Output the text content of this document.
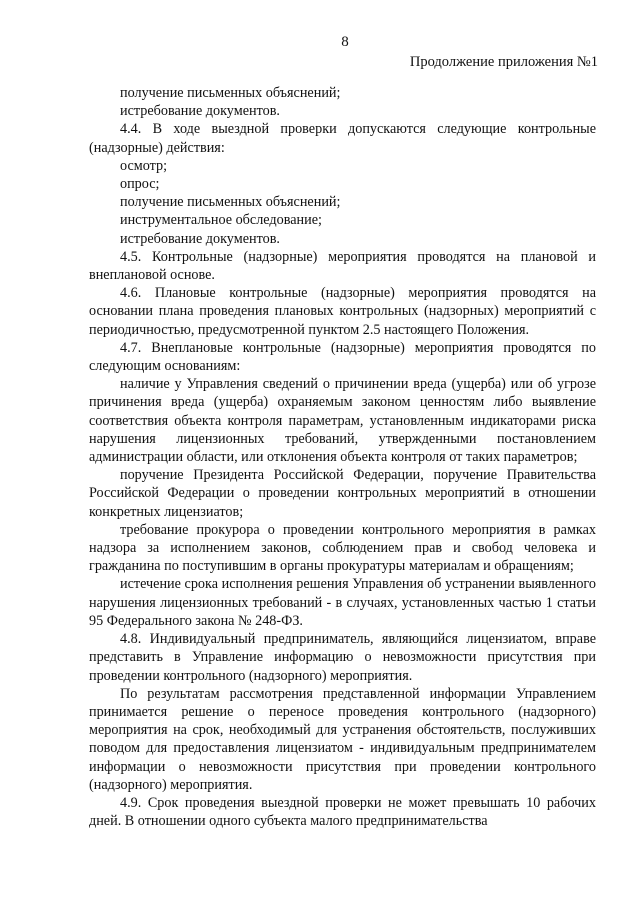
8
Продолжение приложения №1

получение письменных объяснений;

истребование документов.

4.4. В ходе выездной проверки допускаются следующие контрольные (надзорные) действия:

осмотр;

опрос;

получение письменных объяснений;

инструментальное обследование;

истребование документов.

4.5. Контрольные (надзорные) мероприятия проводятся на плановой и внеплановой основе.

4.6. Плановые контрольные (надзорные) мероприятия проводятся на основании плана проведения плановых контрольных (надзорных) мероприятий с периодичностью, предусмотренной пунктом 2.5 настоящего Положения.

4.7. Внеплановые контрольные (надзорные) мероприятия проводятся по следующим основаниям:

наличие у Управления сведений о причинении вреда (ущерба) или об угрозе причинения вреда (ущерба) охраняемым законом ценностям либо выявление соответствия объекта контроля параметрам, установленным индикаторами риска нарушения лицензионных требований, утвержденными постановлением администрации области, или отклонения объекта контроля от таких параметров;

поручение Президента Российской Федерации, поручение Правительства Российской Федерации о проведении контрольных мероприятий в отношении конкретных лицензиатов;

требование прокурора о проведении контрольного мероприятия в рамках надзора за исполнением законов, соблюдением прав и свобод человека и гражданина по поступившим в органы прокуратуры материалам и обращениям;

истечение срока исполнения решения Управления об устранении выявленного нарушения лицензионных требований - в случаях, установленных частью 1 статьи 95 Федерального закона № 248-ФЗ.

4.8. Индивидуальный предприниматель, являющийся лицензиатом, вправе представить в Управление информацию о невозможности присутствия при проведении контрольного (надзорного) мероприятия.

По результатам рассмотрения представленной информации Управлением принимается решение о переносе проведения контрольного (надзорного) мероприятия на срок, необходимый для устранения обстоятельств, послуживших поводом для предоставления лицензиатом - индивидуальным предпринимателем информации о невозможности присутствия при проведении контрольного (надзорного) мероприятия.

4.9. Срок проведения выездной проверки не может превышать 10 рабочих дней. В отношении одного субъекта малого предпринимательства
